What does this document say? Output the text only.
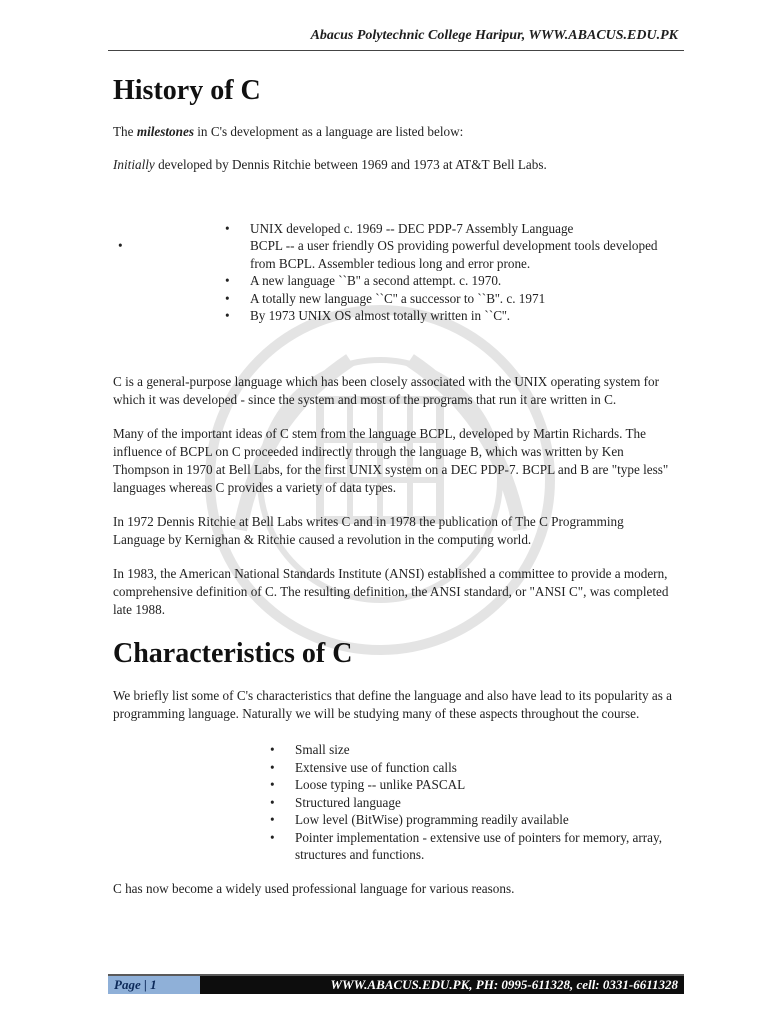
Abacus Polytechnic College Haripur, WWW.ABACUS.EDU.PK
History of C

The milestones in C's development as a language are listed below:

Initially developed by Dennis Ritchie between 1969 and 1973 at AT&T Bell Labs.

• UNIX developed c. 1969 -- DEC PDP-7 Assembly Language
• BCPL -- a user friendly OS providing powerful development tools developed from BCPL. Assembler tedious long and error prone.
• A new language ``B'' a second attempt. c. 1970.
• A totally new language ``C'' a successor to ``B''. c. 1971
• By 1973 UNIX OS almost totally written in ``C''.

C is a general-purpose language which has been closely associated with the UNIX operating system for which it was developed - since the system and most of the programs that run it are written in C.

Many of the important ideas of C stem from the language BCPL, developed by Martin Richards. The influence of BCPL on C proceeded indirectly through the language B, which was written by Ken Thompson in 1970 at Bell Labs, for the first UNIX system on a DEC PDP-7. BCPL and B are "type less" languages whereas C provides a variety of data types.

In 1972 Dennis Ritchie at Bell Labs writes C and in 1978 the publication of The C Programming Language by Kernighan & Ritchie caused a revolution in the computing world.

In 1983, the American National Standards Institute (ANSI) established a committee to provide a modern, comprehensive definition of C. The resulting definition, the ANSI standard, or "ANSI C", was completed late 1988.

Characteristics of C

We briefly list some of C's characteristics that define the language and also have lead to its popularity as a programming language. Naturally we will be studying many of these aspects throughout the course.

• Small size
• Extensive use of function calls
• Loose typing -- unlike PASCAL
• Structured language
• Low level (BitWise) programming readily available
• Pointer implementation - extensive use of pointers for memory, array, structures and functions.

C has now become a widely used professional language for various reasons.

Page | 1	WWW.ABACUS.EDU.PK, PH: 0995-611328, cell: 0331-6611328
